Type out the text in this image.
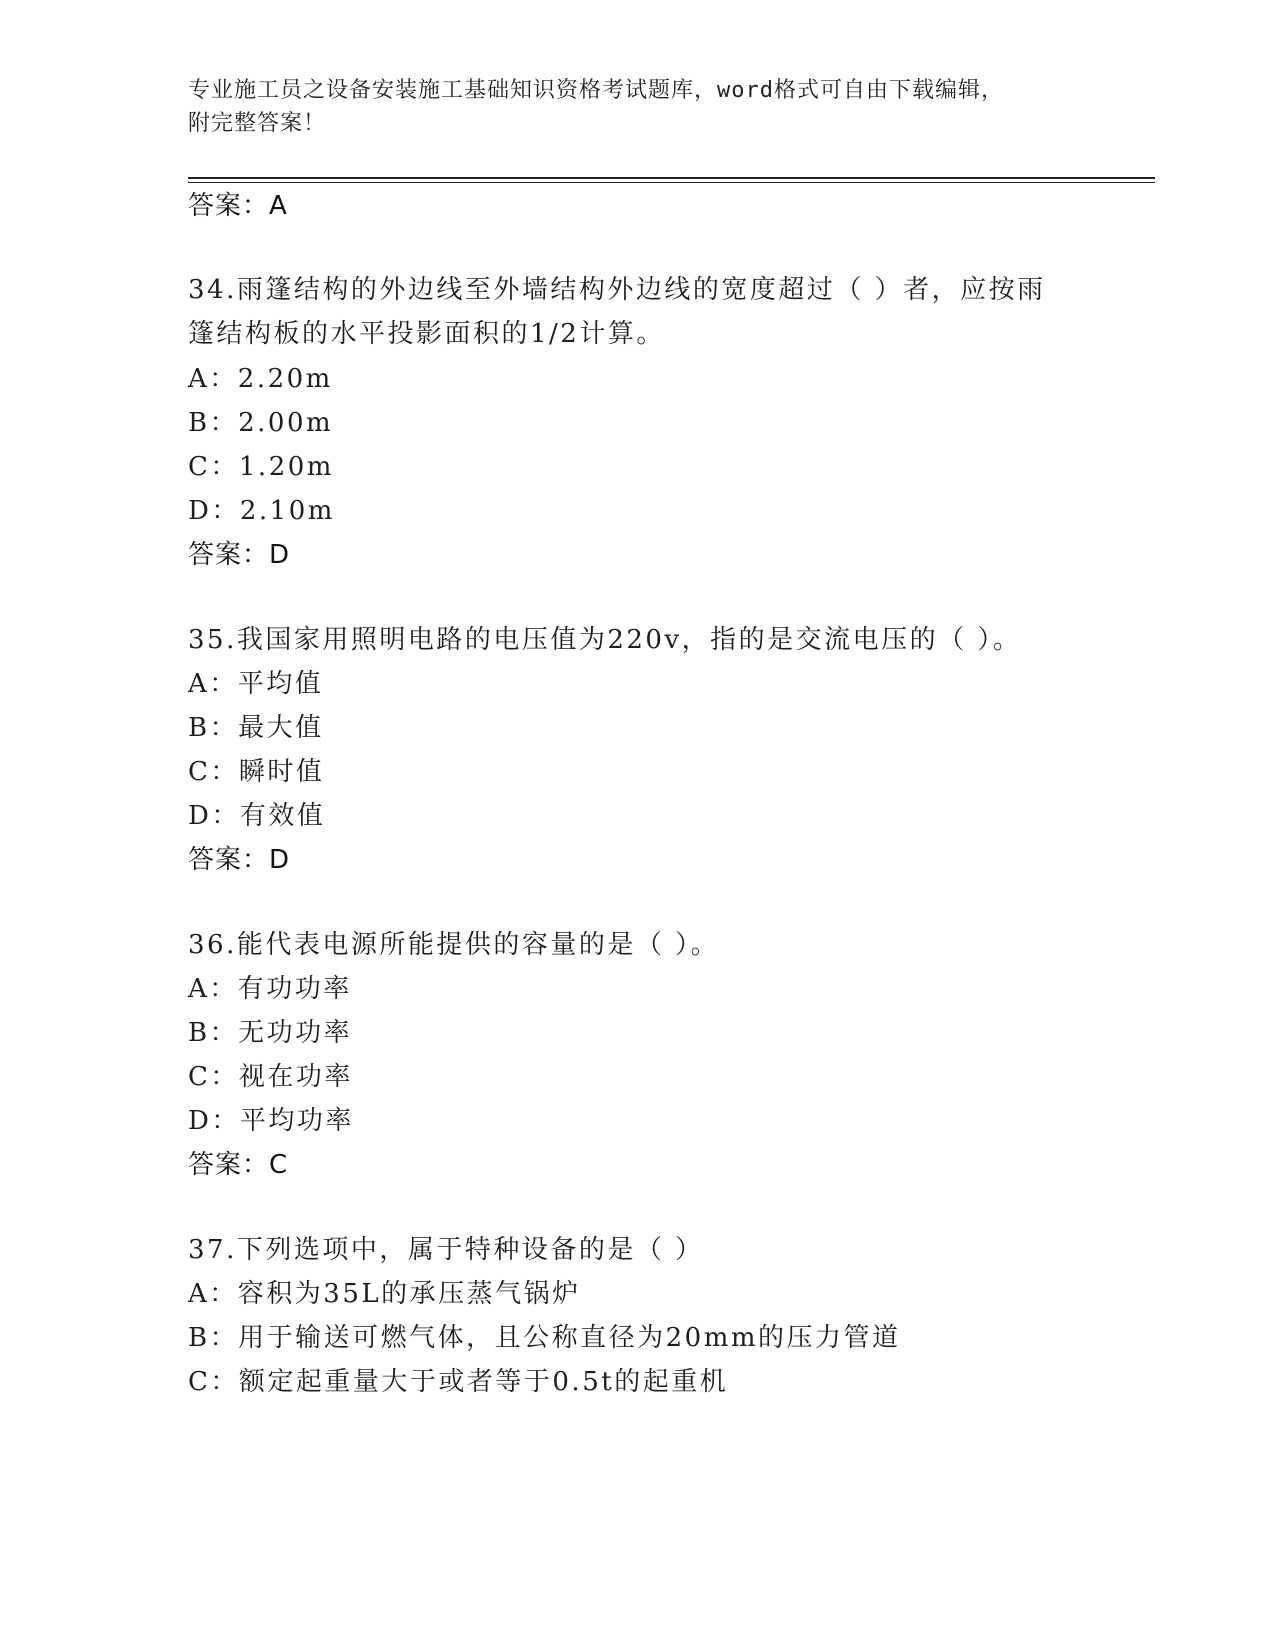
专业施工员之设备安装施工基础知识资格考试题库，word格式可自由下载编辑，
附完整答案！
答案：A
34.雨篷结构的外边线至外墙结构外边线的宽度超过（ ）者，应按雨
篷结构板的水平投影面积的1/2计算。
A：2.20m
B：2.00m
C：1.20m
D：2.10m
答案：D
35.我国家用照明电路的电压值为220v，指的是交流电压的（ ）。
A：平均值
B：最大值
C：瞬时值
D：有效值
答案：D
36.能代表电源所能提供的容量的是（ ）。
A：有功功率
B：无功功率
C：视在功率
D：平均功率
答案：C
37.下列选项中，属于特种设备的是（ ）
A：容积为35L的承压蒸气锅炉
B：用于输送可燃气体，且公称直径为20mm的压力管道
C：额定起重量大于或者等于0.5t的起重机
